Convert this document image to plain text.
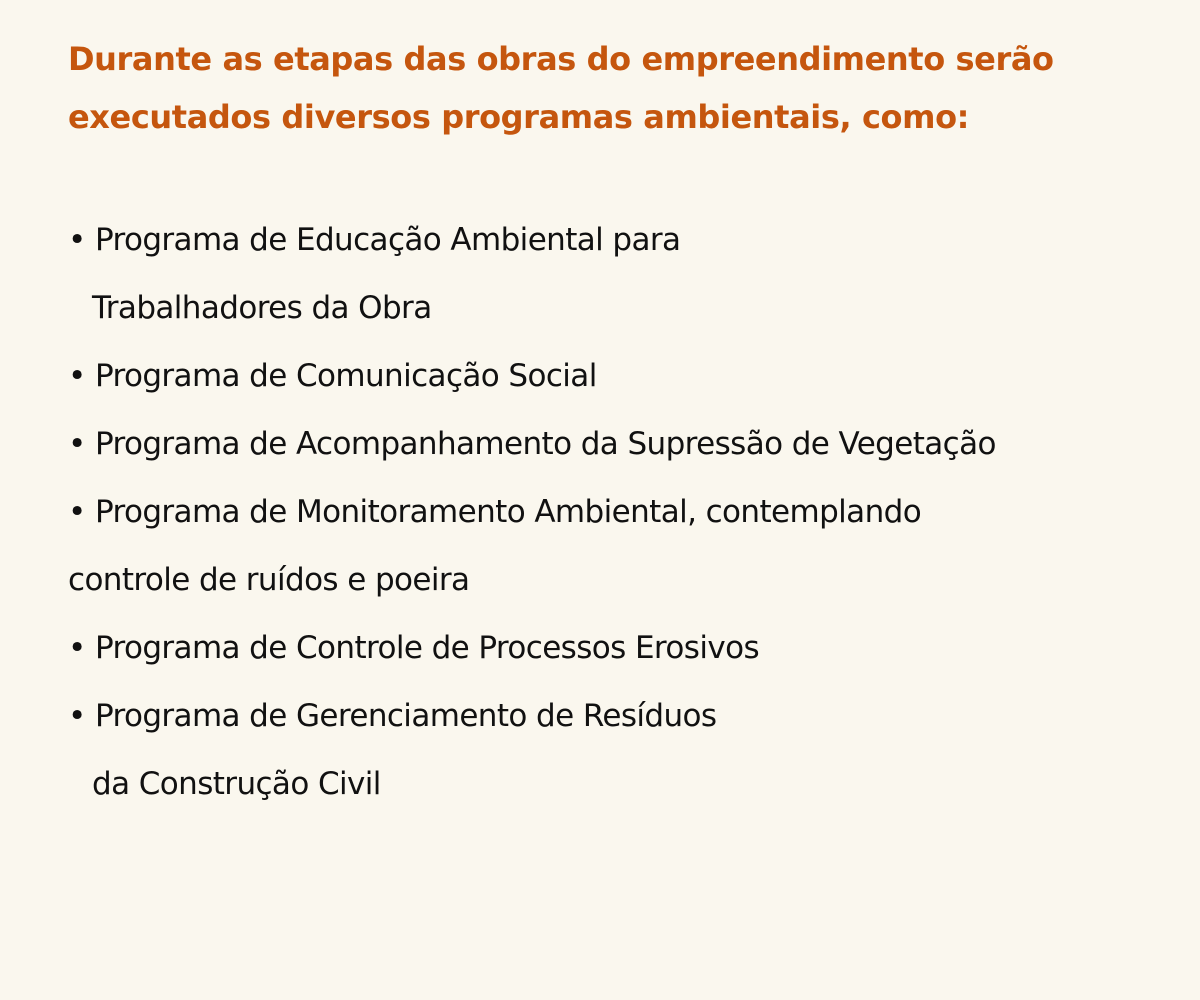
Durante as etapas das obras do empreendimento serão
executados diversos programas ambientais, como:
• Programa de Educação Ambiental para
Trabalhadores da Obra
• Programa de Comunicação Social
• Programa de Acompanhamento da Supressão de Vegetação
• Programa de Monitoramento Ambiental, contemplando
controle de ruídos e poeira
• Programa de Controle de Processos Erosivos
• Programa de Gerenciamento de Resíduos
da Construção Civil
